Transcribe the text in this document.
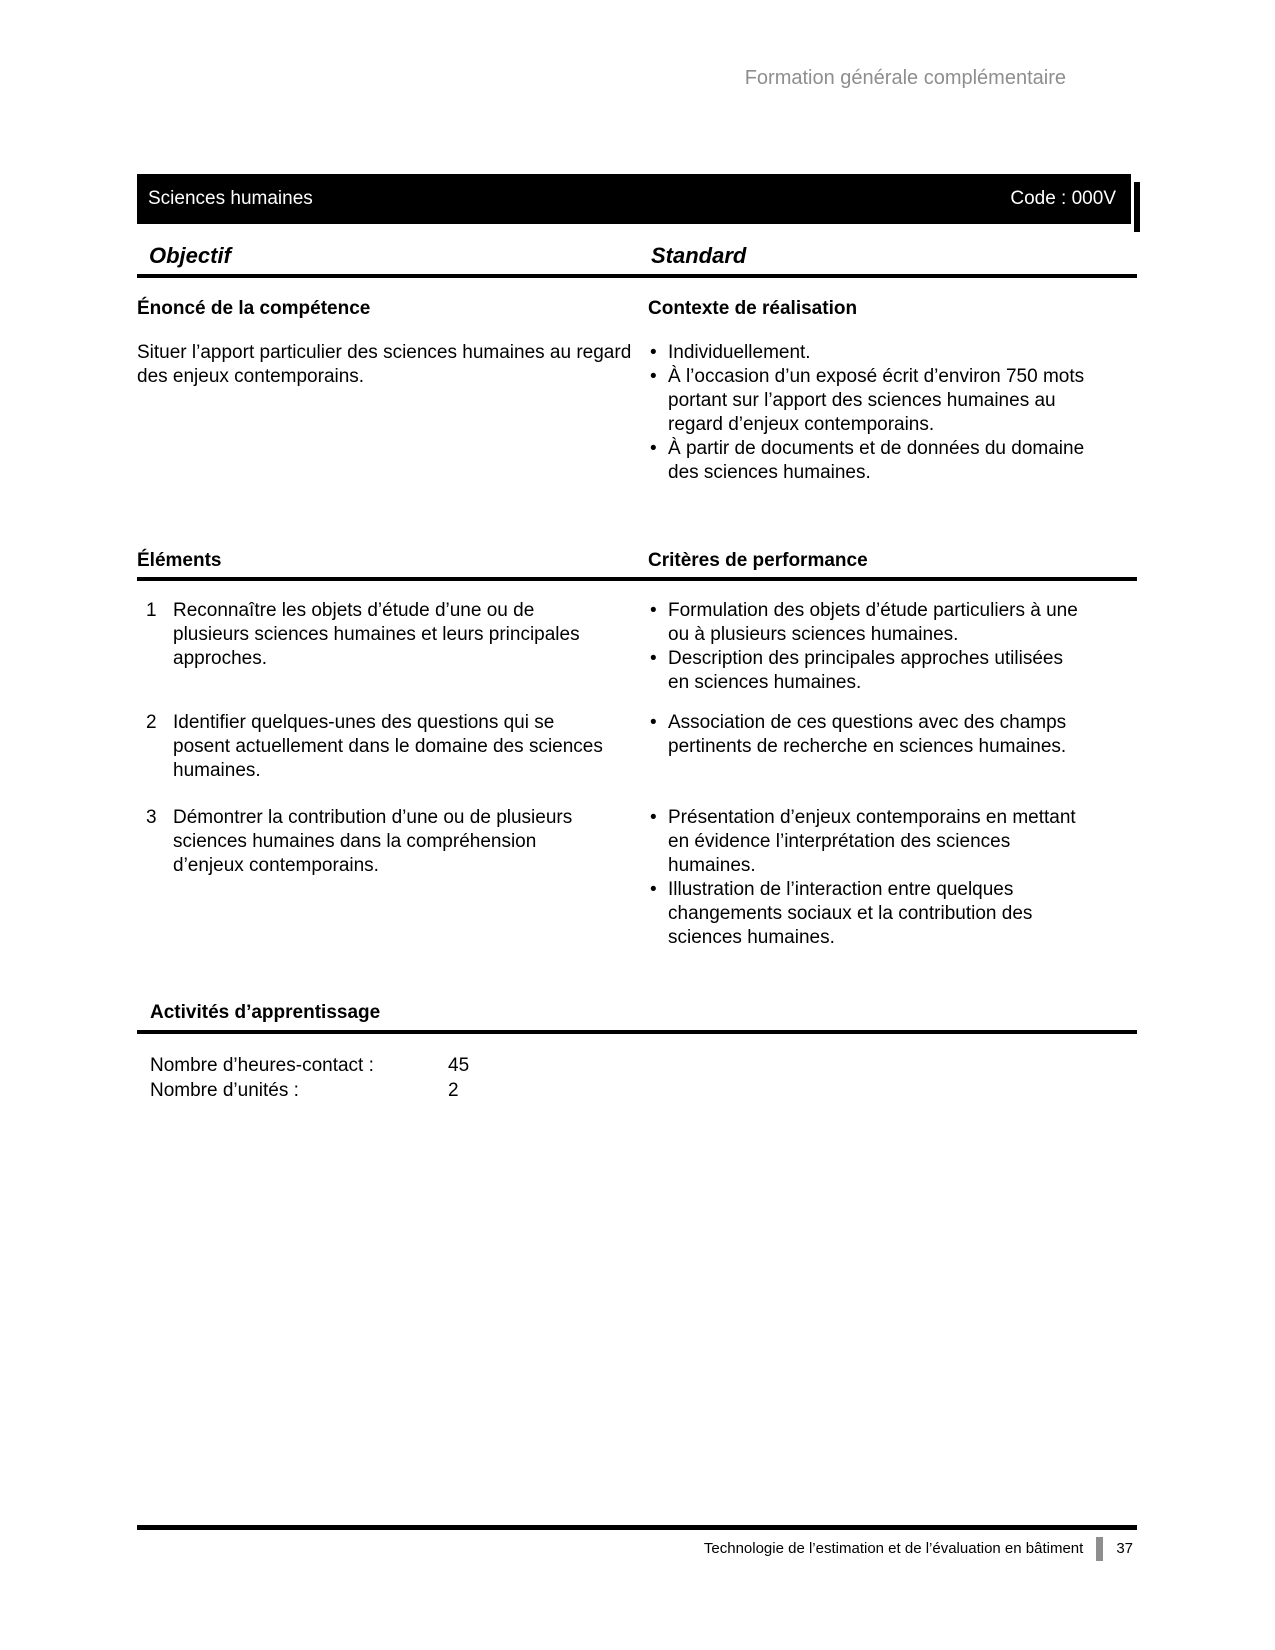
Formation générale complémentaire
Sciences humaines	Code : 000V
Objectif	Standard
Énoncé de la compétence	Contexte de réalisation
Situer l’apport particulier des sciences humaines au regard des enjeux contemporains.
• Individuellement.
• À l’occasion d’un exposé écrit d’environ 750 mots portant sur l’apport des sciences humaines au regard d’enjeux contemporains.
• À partir de documents et de données du domaine des sciences humaines.
Éléments	Critères de performance
1 Reconnaître les objets d’étude d’une ou de plusieurs sciences humaines et leurs principales approches.
• Formulation des objets d’étude particuliers à une ou à plusieurs sciences humaines.
• Description des principales approches utilisées en sciences humaines.
2 Identifier quelques-unes des questions qui se posent actuellement dans le domaine des sciences humaines.
• Association de ces questions avec des champs pertinents de recherche en sciences humaines.
3 Démontrer la contribution d’une ou de plusieurs sciences humaines dans la compréhension d’enjeux contemporains.
• Présentation d’enjeux contemporains en mettant en évidence l’interprétation des sciences humaines.
• Illustration de l’interaction entre quelques changements sociaux et la contribution des sciences humaines.
Activités d’apprentissage
Nombre d’heures-contact :	45
Nombre d’unités :	2
Technologie de l’estimation et de l’évaluation en bâtiment 37
